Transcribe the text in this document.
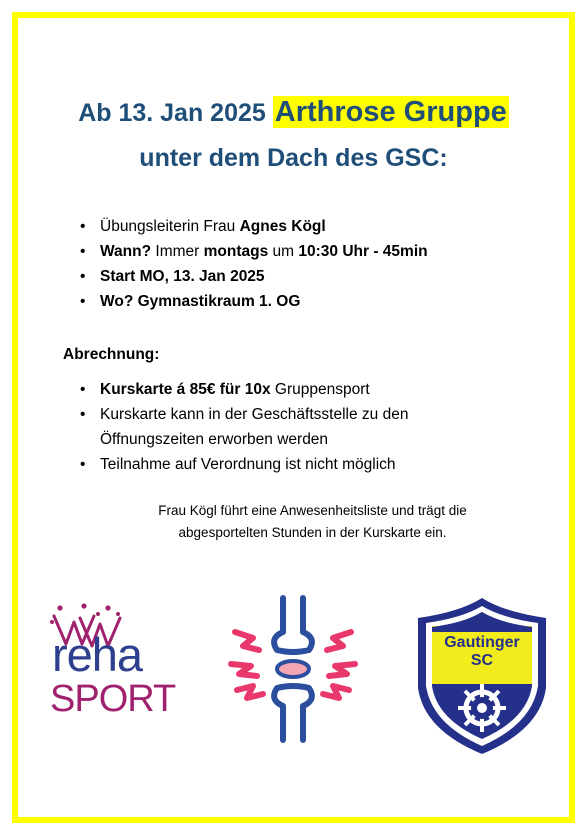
Ab 13. Jan 2025 Arthrose Gruppe
unter dem Dach des GSC:
• Übungsleiterin Frau Agnes Kögl
• Wann? Immer montags um 10:30 Uhr - 45min
• Start MO, 13. Jan 2025
• Wo? Gymnastikraum 1. OG
Abrechnung:
• Kurskarte á 85€ für 10x Gruppensport
• Kurskarte kann in der Geschäftsstelle zu den Öffnungszeiten erworben werden
• Teilnahme auf Verordnung ist nicht möglich
Frau Kögl führt eine Anwesenheitsliste und trägt die
abgesportelten Stunden in der Kurskarte ein.
reha
SPORT
Gautinger
SC
